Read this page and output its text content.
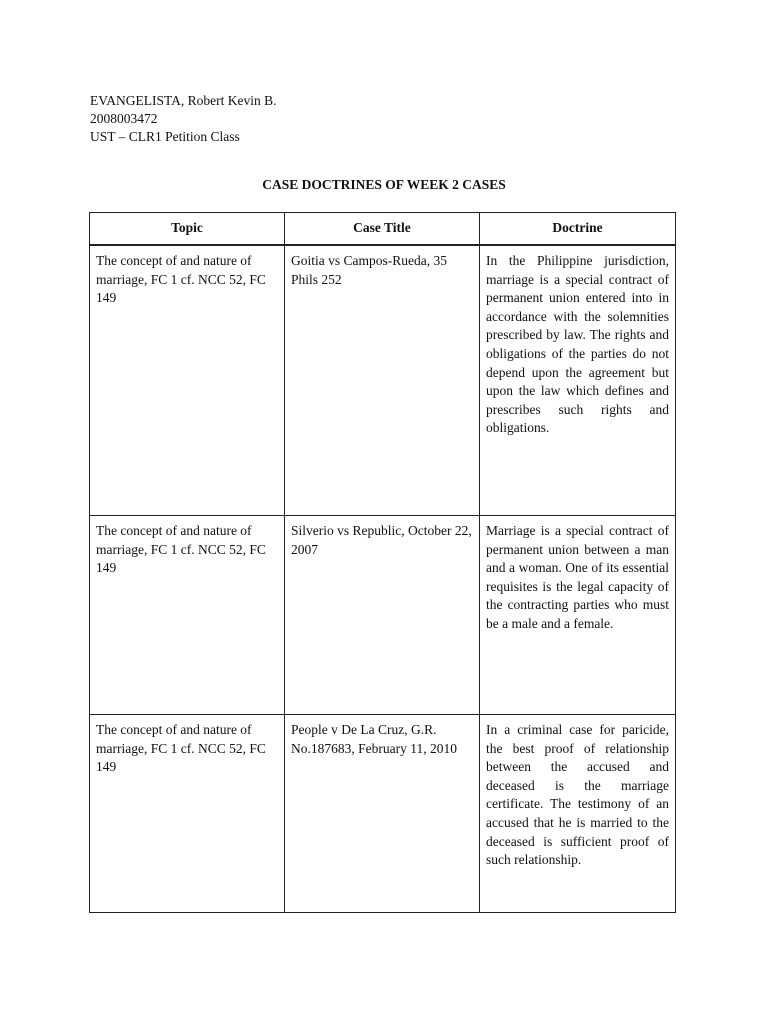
EVANGELISTA, Robert Kevin B.
2008003472
UST – CLR1 Petition Class
CASE DOCTRINES OF WEEK 2 CASES
Topic	Case Title	Doctrine
The concept of and nature of marriage, FC 1 cf. NCC 52, FC 149	Goitia vs Campos-Rueda, 35 Phils 252	In the Philippine jurisdiction, marriage is a special contract of permanent union entered into in accordance with the solemnities prescribed by law. The rights and obligations of the parties do not depend upon the agreement but upon the law which defines and prescribes such rights and obligations.
The concept of and nature of marriage, FC 1 cf. NCC 52, FC 149	Silverio vs Republic, October 22, 2007	Marriage is a special contract of permanent union between a man and a woman. One of its essential requisites is the legal capacity of the contracting parties who must be a male and a female.
The concept of and nature of marriage, FC 1 cf. NCC 52, FC 149	People v De La Cruz, G.R. No.187683, February 11, 2010	In a criminal case for paricide, the best proof of relationship between the accused and deceased is the marriage certificate. The testimony of an accused that he is married to the deceased is sufficient proof of such relationship.
